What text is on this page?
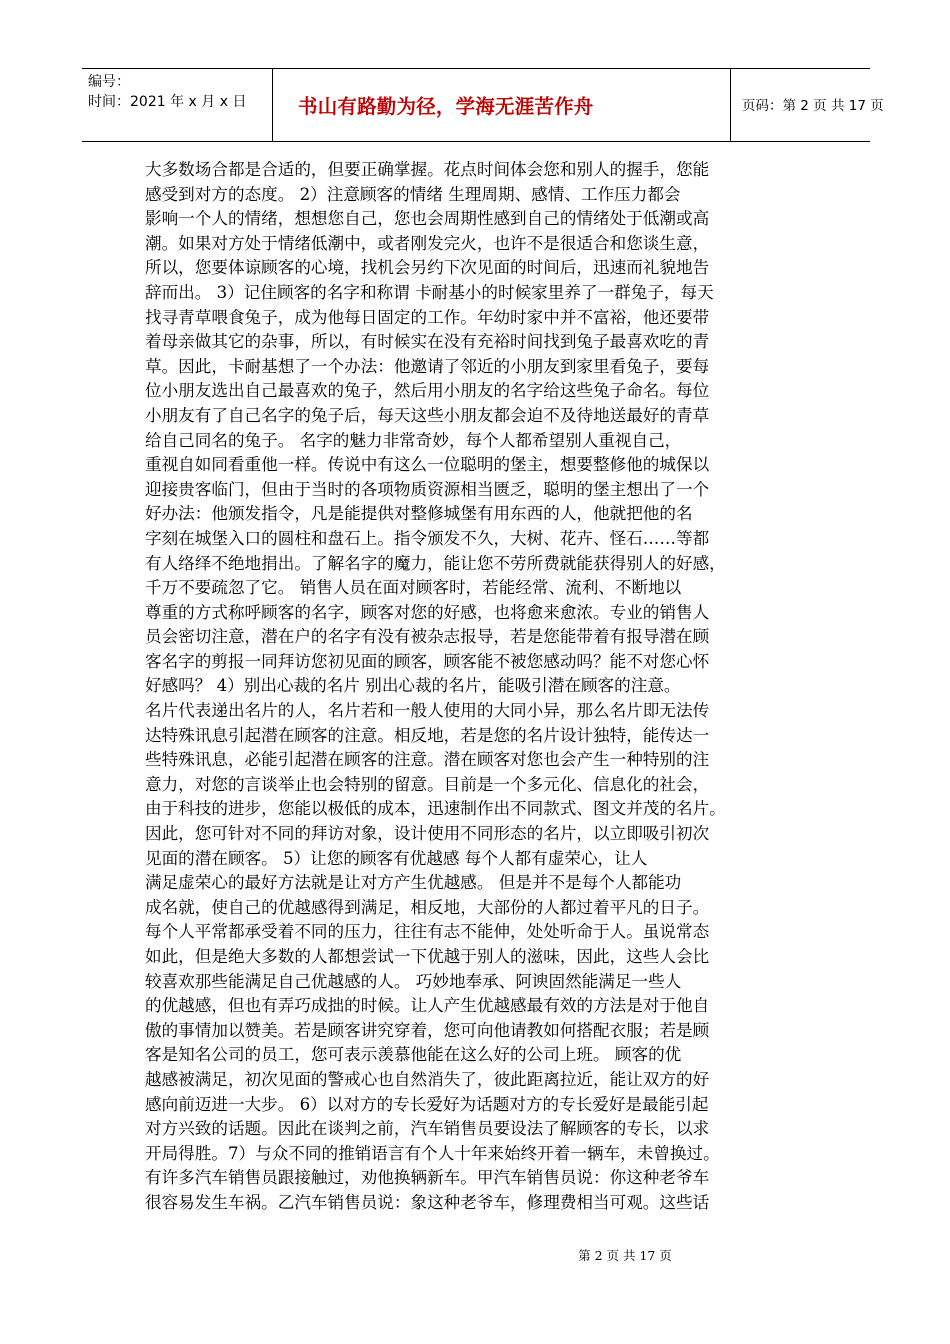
编号：
时间：2021 年 x 月 x 日	书山有路勤为径，学海无涯苦作舟	页码：第 2 页 共 17 页
大多数场合都是合适的，但要正确掌握。花点时间体会您和别人的握手，您能
感受到对方的态度。 2）注意顾客的情绪 生理周期、感情、工作压力都会
影响一个人的情绪，想想您自己，您也会周期性感到自己的情绪处于低潮或高
潮。如果对方处于情绪低潮中，或者刚发完火，也许不是很适合和您谈生意，
所以，您要体谅顾客的心境，找机会另约下次见面的时间后，迅速而礼貌地告
辞而出。 3）记住顾客的名字和称谓 卡耐基小的时候家里养了一群兔子，每天
找寻青草喂食兔子，成为他每日固定的工作。年幼时家中并不富裕，他还要带
着母亲做其它的杂事，所以，有时候实在没有充裕时间找到兔子最喜欢吃的青
草。因此，卡耐基想了一个办法：他邀请了邻近的小朋友到家里看兔子，要每
位小朋友选出自己最喜欢的兔子，然后用小朋友的名字给这些兔子命名。每位
小朋友有了自己名字的兔子后，每天这些小朋友都会迫不及待地送最好的青草
给自己同名的兔子。 名字的魅力非常奇妙，每个人都希望别人重视自己，
重视自如同看重他一样。传说中有这么一位聪明的堡主，想要整修他的城保以
迎接贵客临门，但由于当时的各项物质资源相当匮乏，聪明的堡主想出了一个
好办法：他颁发指令，凡是能提供对整修城堡有用东西的人，他就把他的名
字刻在城堡入口的圆柱和盘石上。指令颁发不久，大树、花卉、怪石……等都
有人络绎不绝地捐出。了解名字的魔力，能让您不劳所费就能获得别人的好感，
千万不要疏忽了它。 销售人员在面对顾客时，若能经常、流利、不断地以
尊重的方式称呼顾客的名字，顾客对您的好感，也将愈来愈浓。专业的销售人
员会密切注意，潜在户的名字有没有被杂志报导，若是您能带着有报导潜在顾
客名字的剪报一同拜访您初见面的顾客，顾客能不被您感动吗？能不对您心怀
好感吗？ 4）别出心裁的名片 别出心裁的名片，能吸引潜在顾客的注意。
名片代表递出名片的人，名片若和一般人使用的大同小异，那么名片即无法传
达特殊讯息引起潜在顾客的注意。相反地，若是您的名片设计独特，能传达一
些特殊讯息，必能引起潜在顾客的注意。潜在顾客对您也会产生一种特别的注
意力，对您的言谈举止也会特别的留意。目前是一个多元化、信息化的社会，
由于科技的进步，您能以极低的成本，迅速制作出不同款式、图文并茂的名片。
因此，您可针对不同的拜访对象，设计使用不同形态的名片，以立即吸引初次
见面的潜在顾客。 5）让您的顾客有优越感 每个人都有虚荣心，让人
满足虚荣心的最好方法就是让对方产生优越感。 但是并不是每个人都能功
成名就，使自己的优越感得到满足，相反地，大部份的人都过着平凡的日子。
每个人平常都承受着不同的压力，往往有志不能伸，处处听命于人。虽说常态
如此，但是绝大多数的人都想尝试一下优越于别人的滋味，因此，这些人会比
较喜欢那些能满足自己优越感的人。 巧妙地奉承、阿谀固然能满足一些人
的优越感，但也有弄巧成拙的时候。让人产生优越感最有效的方法是对于他自
傲的事情加以赞美。若是顾客讲究穿着，您可向他请教如何搭配衣服；若是顾
客是知名公司的员工，您可表示羡慕他能在这么好的公司上班。 顾客的优
越感被满足，初次见面的警戒心也自然消失了，彼此距离拉近，能让双方的好
感向前迈进一大步。 6）以对方的专长爱好为话题对方的专长爱好是最能引起
对方兴致的话题。因此在谈判之前，汽车销售员要设法了解顾客的专长，以求
开局得胜。7）与众不同的推销语言有个人十年来始终开着一辆车，未曾换过。
有许多汽车销售员跟接触过，劝他换辆新车。甲汽车销售员说：你这种老爷车
很容易发生车祸。乙汽车销售员说：象这种老爷车，修理费相当可观。这些话
第 2 页 共 17 页
